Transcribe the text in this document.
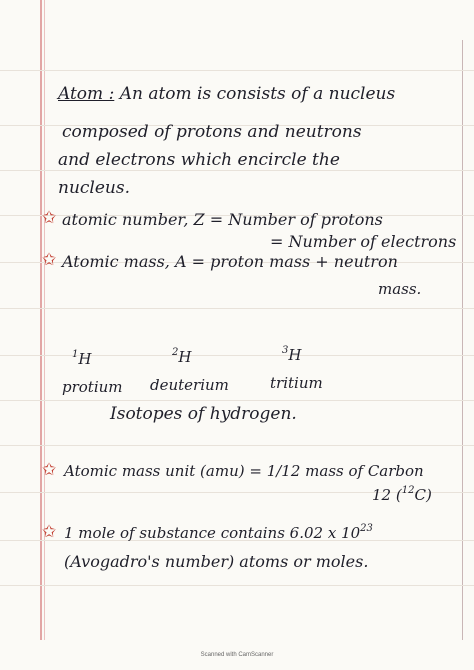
Atom : An atom is consists of a nucleus
composed of protons and neutrons
and electrons which encircle the
nucleus.
✩ atomic number, Z = Number of protons
= Number of electrons
✩ Atomic mass, A = proton mass + neutron
mass.
$^1$H	$^2$H	$^3$H
protium deuterium	tritium
Isotopes of hydrogen.
✩ Atomic mass unit (amu) = 1/12 mass of Carbon
12 ($^{12}$C)
✩ 1 mole of substance contains 6.02 x $10^{23}$
(Avogadro's number) atoms or moles.
Scanned with CamScanner
